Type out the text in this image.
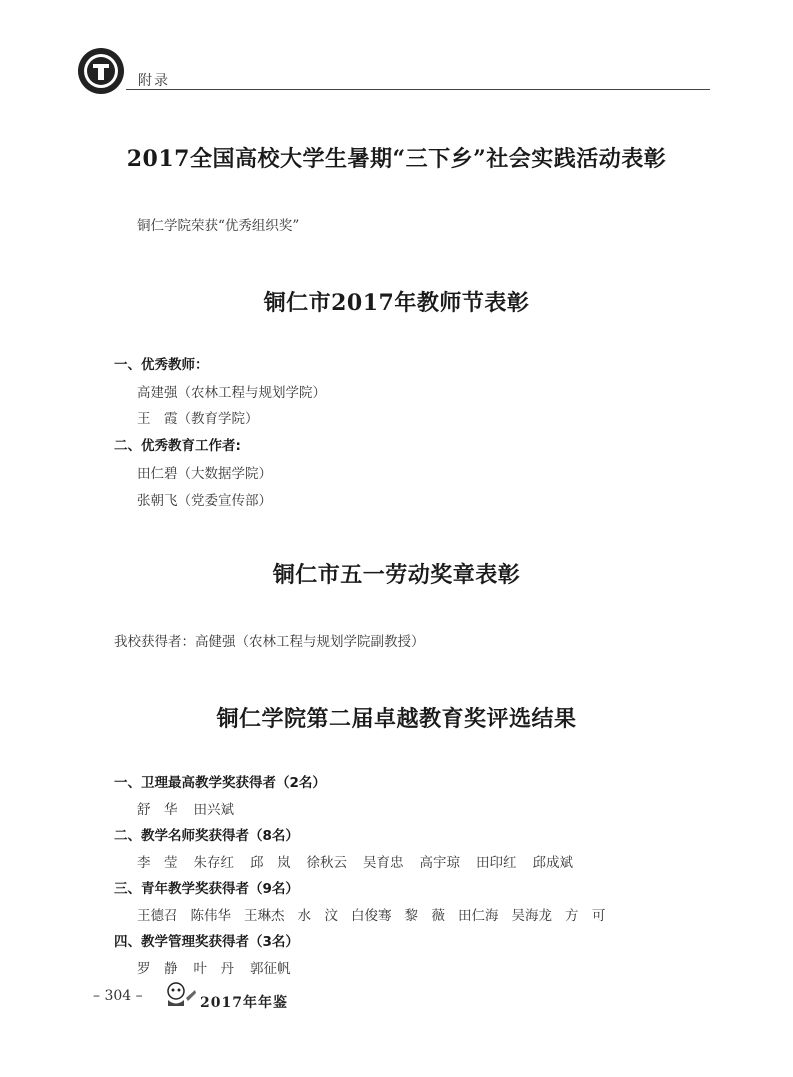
附录
2017全国高校大学生暑期“三下乡”社会实践活动表彰
铜仁学院荣获“优秀组织奖”
铜仁市2017年教师节表彰
一、优秀教师：
高建强（农林工程与规划学院）
王　霞（教育学院）
二、优秀教育工作者:
田仁碧（大数据学院）
张朝飞（党委宣传部）
铜仁市五一劳动奖章表彰
我校获得者：高健强（农林工程与规划学院副教授）
铜仁学院第二届卓越教育奖评选结果
一、卫理最高教学奖获得者（2名）
舒　华 田兴斌
二、教学名师奖获得者（8名）
李　莹 朱存红 邱　岚 徐秋云 吴育忠 高宇琼 田印红 邱成斌
三、青年教学奖获得者（9名）
王德召 陈伟华 王琳杰 水　汶 白俊骞 黎　薇 田仁海 吴海龙 方　可
四、教学管理奖获得者（3名）
罗　静 叶　丹 郭征帆
– 304 –	2017年年鉴
